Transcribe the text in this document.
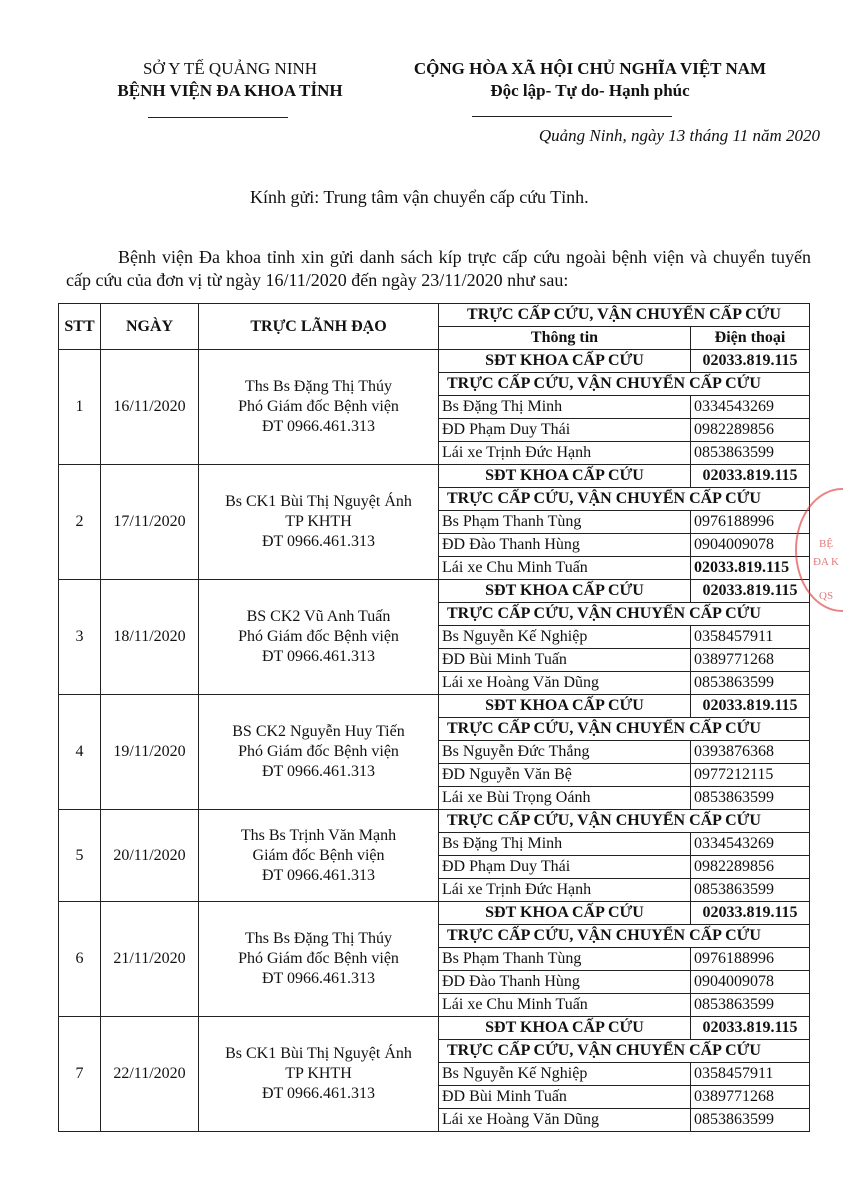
SỞ Y TẾ QUẢNG NINH
BỆNH VIỆN ĐA KHOA TỈNH
CỘNG HÒA XÃ HỘI CHỦ NGHĨA VIỆT NAM
Độc lập- Tự do- Hạnh phúc
Quảng Ninh, ngày 13 tháng 11 năm 2020
Kính gửi: Trung tâm vận chuyển cấp cứu Tỉnh.
Bệnh viện Đa khoa tỉnh xin gửi danh sách kíp trực cấp cứu ngoài bệnh viện và chuyển tuyến cấp cứu của đơn vị từ ngày 16/11/2020 đến ngày 23/11/2020 như sau:
STT	NGÀY	TRỰC LÃNH ĐẠO	TRỰC CẤP CỨU, VẬN CHUYỂN CẤP CỨU	
			Thông tin	Điện thoại
1	16/11/2020	Ths Bs Đặng Thị Thúy
Phó Giám đốc Bệnh viện
ĐT 0966.461.313	SĐT KHOA CẤP CỨU	02033.819.115
			TRỰC CẤP CỨU, VẬN CHUYỂN CẤP CỨU	
			Bs Đặng Thị Minh	0334543269
			ĐD Phạm Duy Thái	0982289856
			Lái xe Trịnh Đức Hạnh	0853863599
2	17/11/2020	Bs CK1 Bùi Thị Nguyệt Ánh
TP KHTH
ĐT 0966.461.313	SĐT KHOA CẤP CỨU	02033.819.115
			TRỰC CẤP CỨU, VẬN CHUYỂN CẤP CỨU	
			Bs Phạm Thanh Tùng	0976188996
			ĐD Đào Thanh Hùng	0904009078
			Lái xe Chu Minh Tuấn	02033.819.115
3	18/11/2020	BS CK2 Vũ Anh Tuấn
Phó Giám đốc Bệnh viện
ĐT 0966.461.313	SĐT KHOA CẤP CỨU	02033.819.115
			TRỰC CẤP CỨU, VẬN CHUYỂN CẤP CỨU	
			Bs Nguyễn Kế Nghiệp	0358457911
			ĐD Bùi Minh Tuấn	0389771268
			Lái xe Hoàng Văn Dũng	0853863599
4	19/11/2020	BS CK2 Nguyễn Huy Tiến
Phó Giám đốc Bệnh viện
ĐT 0966.461.313	SĐT KHOA CẤP CỨU	02033.819.115
			TRỰC CẤP CỨU, VẬN CHUYỂN CẤP CỨU	
			Bs Nguyễn Đức Thắng	0393876368
			ĐD Nguyễn Văn Bệ	0977212115
			Lái xe Bùi Trọng Oánh	0853863599
5	20/11/2020	Ths Bs Trịnh Văn Mạnh
Giám đốc Bệnh viện
ĐT 0966.461.313	TRỰC CẤP CỨU, VẬN CHUYỂN CẤP CỨU	
			Bs Đặng Thị Minh	0334543269
			ĐD Phạm Duy Thái	0982289856
			Lái xe Trịnh Đức Hạnh	0853863599
6	21/11/2020	Ths Bs Đặng Thị Thúy
Phó Giám đốc Bệnh viện
ĐT 0966.461.313	SĐT KHOA CẤP CỨU	02033.819.115
			TRỰC CẤP CỨU, VẬN CHUYỂN CẤP CỨU	
			Bs Phạm Thanh Tùng	0976188996
			ĐD Đào Thanh Hùng	0904009078
			Lái xe Chu Minh Tuấn	0853863599
7	22/11/2020	Bs CK1 Bùi Thị Nguyệt Ánh
TP KHTH
ĐT 0966.461.313	SĐT KHOA CẤP CỨU	02033.819.115
			TRỰC CẤP CỨU, VẬN CHUYỂN CẤP CỨU	
			Bs Nguyễn Kế Nghiệp	0358457911
			ĐD Bùi Minh Tuấn	0389771268
			Lái xe Hoàng Văn Dũng	0853863599
BỆ
ĐA K
QS
